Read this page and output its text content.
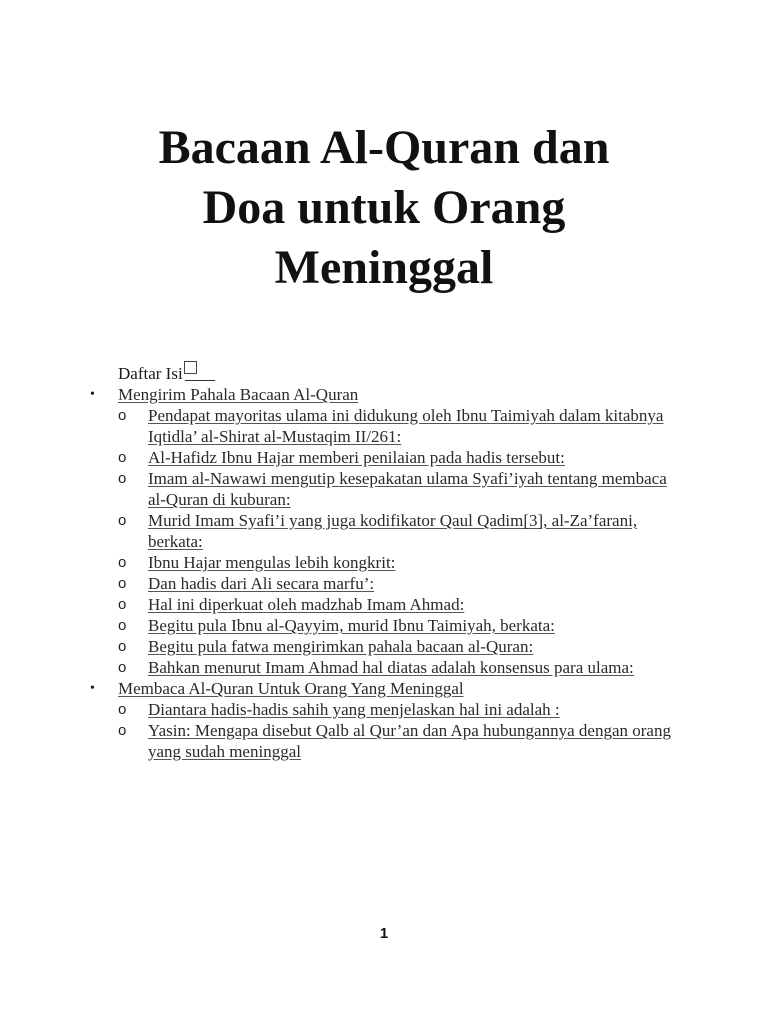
Bacaan Al-Quran dan
Doa untuk Orang
Meninggal
Daftar Isi
• Mengirim Pahala Bacaan Al-Quran
o Pendapat mayoritas ulama ini didukung oleh Ibnu Taimiyah dalam kitabnya Iqtidla’ al-Shirat al-Mustaqim II/261:
o Al-Hafidz Ibnu Hajar memberi penilaian pada hadis tersebut:
o Imam al-Nawawi mengutip kesepakatan ulama Syafi’iyah tentang membaca al-Quran di kuburan:
o Murid Imam Syafi’i yang juga kodifikator Qaul Qadim[3], al-Za’farani, berkata:
o Ibnu Hajar mengulas lebih kongkrit:
o Dan hadis dari Ali secara marfu’:
o Hal ini diperkuat oleh madzhab Imam Ahmad:
o Begitu pula Ibnu al-Qayyim, murid Ibnu Taimiyah, berkata:
o Begitu pula fatwa mengirimkan pahala bacaan al-Quran:
o Bahkan menurut Imam Ahmad hal diatas adalah konsensus para ulama:
• Membaca Al-Quran Untuk Orang Yang Meninggal
o Diantara hadis-hadis sahih yang menjelaskan hal ini adalah :
o Yasin: Mengapa disebut Qalb al Qur’an dan Apa hubungannya dengan orang yang sudah meninggal
1
